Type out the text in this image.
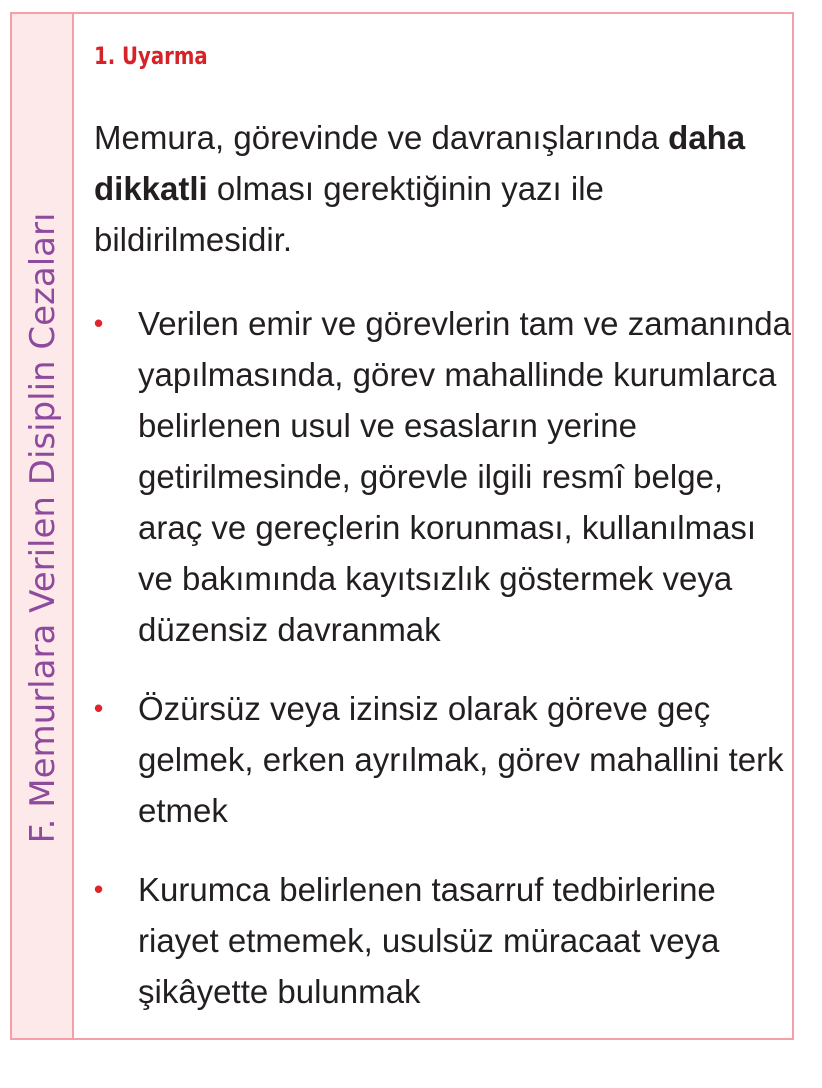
F. Memurlara Verilen Disiplin Cezaları
1. Uyarma

Memura, görevinde ve davranışlarında daha dikkatli olması gerektiğinin yazı ile bildirilmesidir.

• Verilen emir ve görevlerin tam ve zamanında yapılmasında, görev mahallinde kurumlarca belirlenen usul ve esasların yerine getirilmesinde, görevle ilgili resmî belge, araç ve gereçlerin korunması, kullanılması ve bakımında kayıtsızlık göstermek veya düzensiz davranmak
• Özürsüz veya izinsiz olarak göreve geç gelmek, erken ayrılmak, görev mahallini terk etmek
• Kurumca belirlenen tasarruf tedbirlerine riayet etmemek, usulsüz müracaat veya şikâyette bulunmak
